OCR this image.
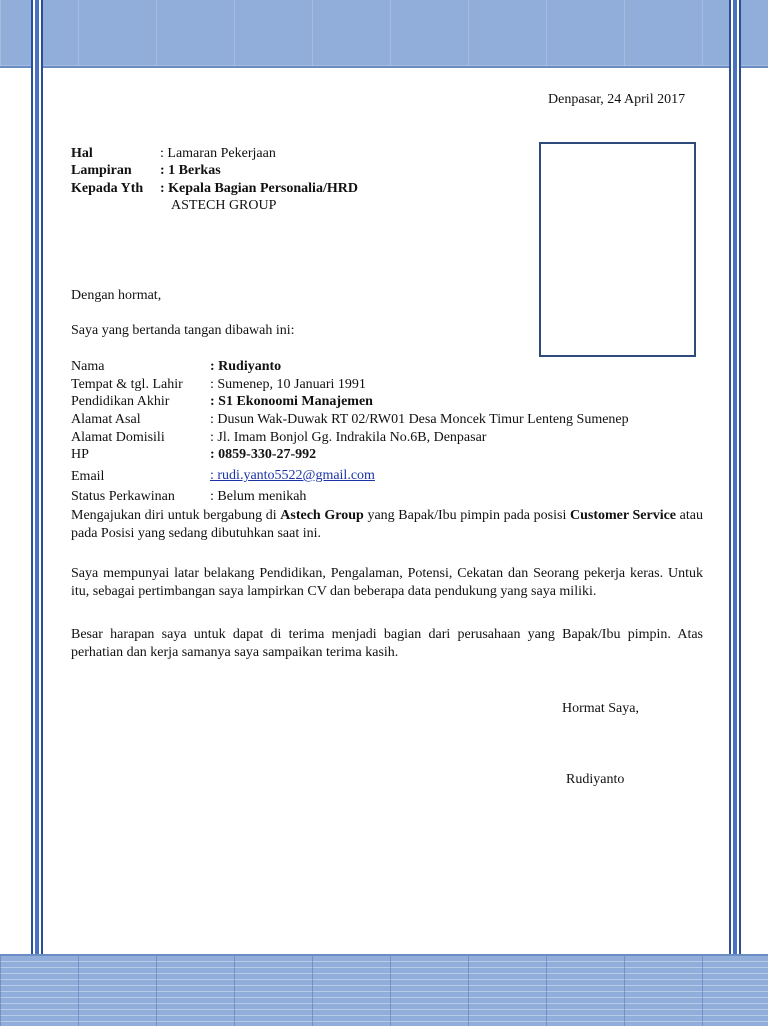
Denpasar, 24 April 2017
Hal	: Lamaran Pekerjaan
Lampiran : 1 Berkas
Kepada Yth : Kepala Bagian Personalia/HRD
ASTECH GROUP
Dengan hormat,
Saya yang bertanda tangan dibawah ini:
Nama	: Rudiyanto
Tempat & tgl. Lahir : Sumenep, 10 Januari 1991
Pendidikan Akhir	: S1 Ekonoomi Manajemen
Alamat Asal	: Dusun Wak-Duwak RT 02/RW01 Desa Moncek Timur Lenteng Sumenep
Alamat Domisili	: Jl. Imam Bonjol Gg. Indrakila No.6B, Denpasar
HP	: 0859-330-27-992
Email	: rudi.yanto5522@gmail.com
Status Perkawinan	: Belum menikah
Mengajukan diri untuk bergabung di Astech Group yang Bapak/Ibu pimpin pada posisi Customer Service atau pada Posisi yang sedang dibutuhkan saat ini.
Saya mempunyai latar belakang Pendidikan, Pengalaman, Potensi, Cekatan dan Seorang pekerja keras. Untuk itu, sebagai pertimbangan saya lampirkan CV dan beberapa data pendukung yang saya miliki.
Besar harapan saya untuk dapat di terima menjadi bagian dari perusahaan yang Bapak/Ibu pimpin. Atas perhatian dan kerja samanya saya sampaikan terima kasih.
Hormat Saya,
Rudiyanto
